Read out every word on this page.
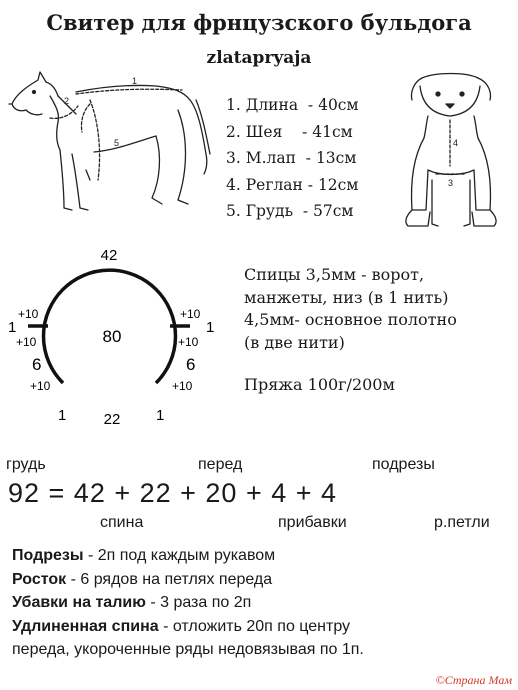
Свитер для фрнцузского бульдога
zlatapryaja
2
1
5
1. Длина  - 40см
2. Шея    - 41см
3. М.лап  - 13см
4. Реглан - 12см
5. Грудь  - 57см
4
3
42
80
22
+10
1
+10
6
+10
1
+10
1
+10
6
+10
1
Спицы 3,5мм - ворот,
манжеты, низ (в 1 нить)
4,5мм- основное полотно
(в две нити)
Пряжа 100г/200м
грудь	перед	подрезы
92 = 42 + 22 + 20 + 4 + 4
спина	прибавки	р.петли
Подрезы - 2п под каждым рукавом
Росток - 6 рядов на петлях переда
Убавки на талию - 3 раза по 2п
Удлиненная спина - отложить 20п по центру
переда, укороченные ряды недовязывая по 1п.
©Страна Мам
